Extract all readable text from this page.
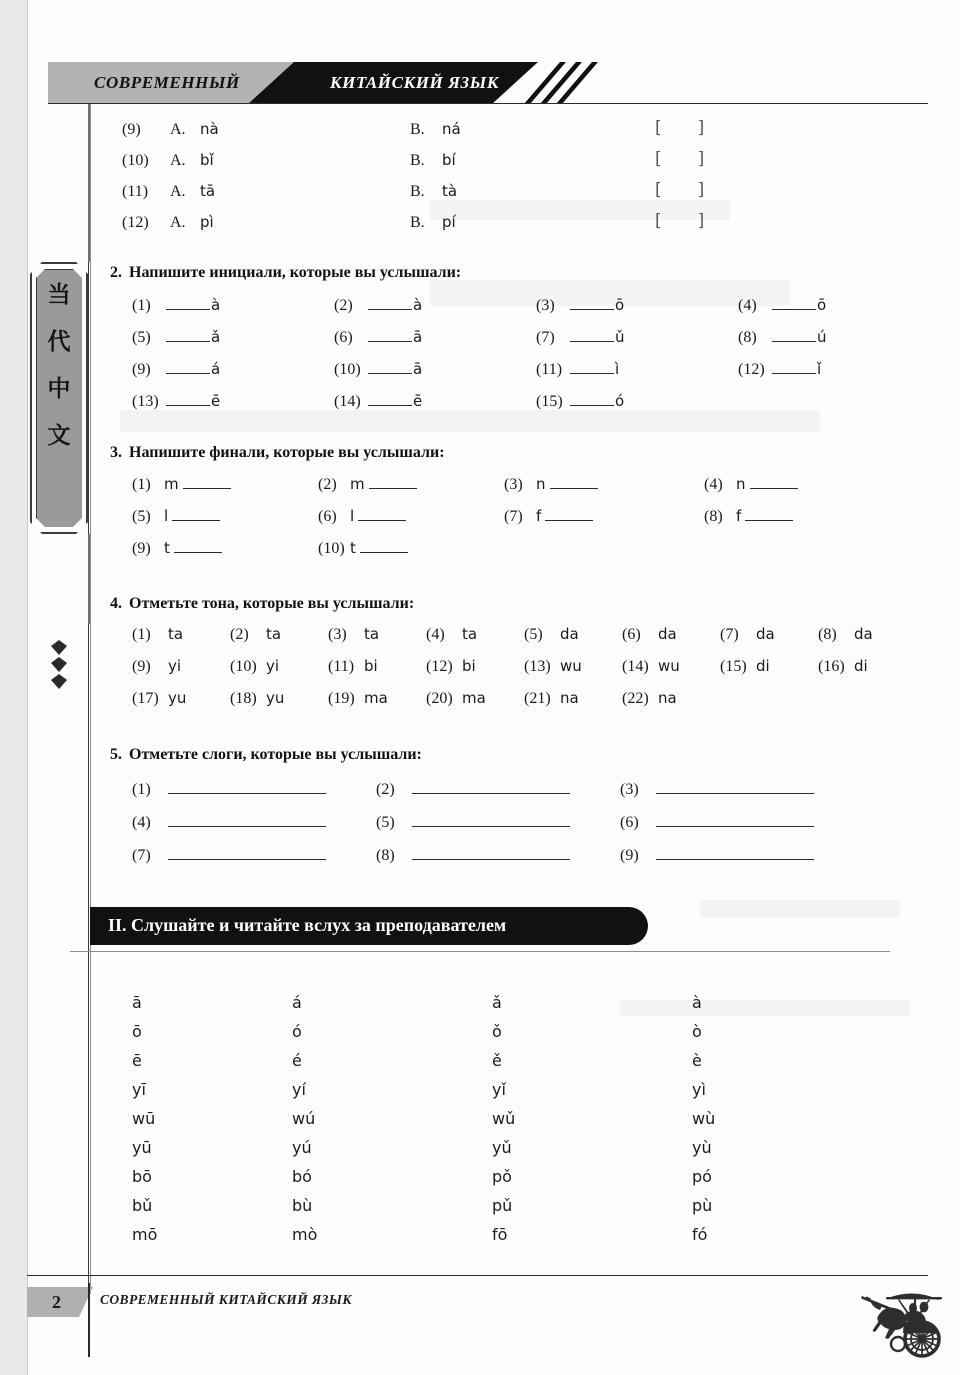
СОВРЕМЕННЫЙ	КИТАЙСКИЙ ЯЗЫК
当
代
中
文
(9)	A. nà	B. ná	[ ]
(10)	A. bǐ	B. bí	[ ]
(11)	A. tā	B. tà	[ ]
(12)	A. pì	B. pí	[ ]
2. Напишите инициали, которые вы услышали:
(1)	à	(2)	à	(3)	ō	(4)	ō
(5)	ǎ	(6)	ā	(7)	ǔ	(8)	ú
(9)	á	(10)	ā	(11)	ì	(12)	ǐ
(13)	ē	(14)	ē	(15)	ó
3. Напишите финали, которые вы услышали:
(1) m	(2) m	(3) n	(4) n
(5) l	(6) l	(7) f	(8) f
(9) t	(10) t
4. Отметьте тона, которые вы услышали:
(1)	ta	(2)	ta	(3)	ta	(4)	ta	(5)	da	(6)	da	(7)	da	(8)	da
(9)	yi	(10) yi	(11) bi	(12) bi	(13) wu	(14) wu	(15) di	(16) di
(17) yu	(18) yu	(19) ma (20) ma (21) na	(22) na
5. Отметьте слоги, которые вы услышали:
(1)	(2)	(3)
(4)	(5)	(6)
(7)	(8)	(9)
II. Слушайте и читайте вслух за преподавателем
ā	á	ǎ	à
ō	ó	ǒ	ò
ē	é	ě	è
yī	yí	yǐ	yì
wū	wú	wǔ	wù
yū	yú	yǔ	yù
bō	bó	pǒ	pó
bǔ	bù	pǔ	pù
mō	mò	fō	fó
2	СОВРЕМЕННЫЙ КИТАЙСКИЙ ЯЗЫК
